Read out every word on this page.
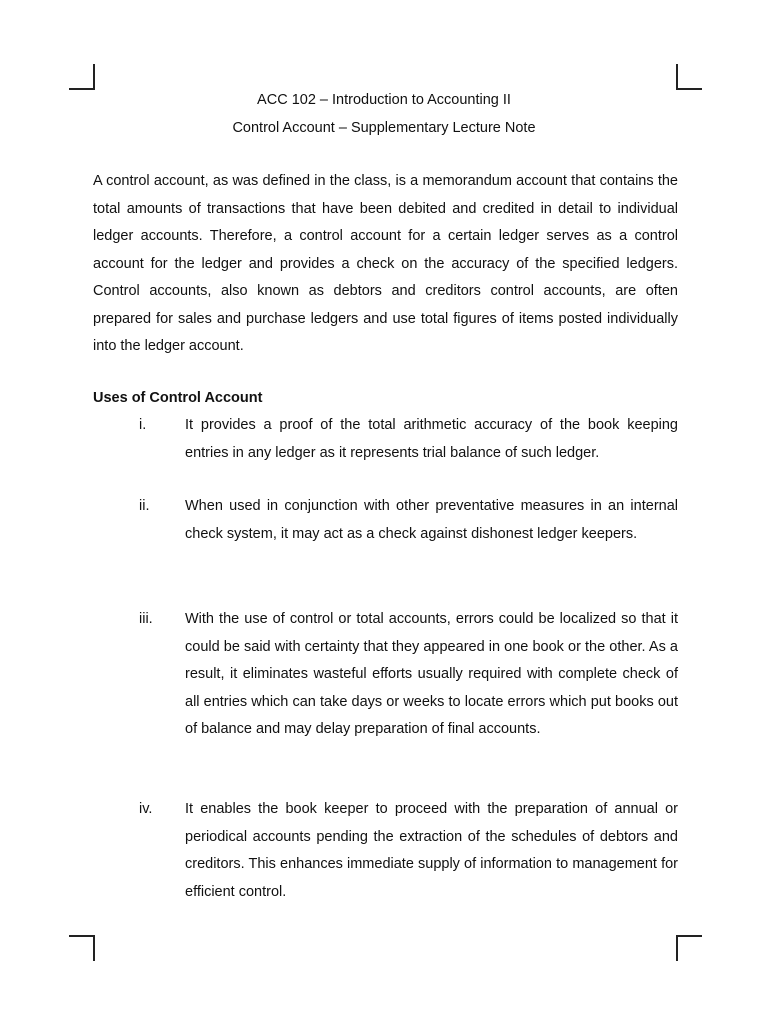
ACC 102 – Introduction to Accounting II
Control Account – Supplementary Lecture Note

A control account, as was defined in the class, is a memorandum account that contains the total amounts of transactions that have been debited and credited in detail to individual ledger accounts. Therefore, a control account for a certain ledger serves as a control account for the ledger and provides a check on the accuracy of the specified ledgers. Control accounts, also known as debtors and creditors control accounts, are often prepared for sales and purchase ledgers and use total figures of items posted individually into the ledger account.

Uses of Control Account
i.	It provides a proof of the total arithmetic accuracy of the book keeping entries in any ledger as it represents trial balance of such ledger.

ii. When used in conjunction with other preventative measures in an internal check system, it may act as a check against dishonest ledger keepers.

iii. With the use of control or total accounts, errors could be localized so that it could be said with certainty that they appeared in one book or the other. As a result, it eliminates wasteful efforts usually required with complete check of all entries which can take days or weeks to locate errors which put books out of balance and may delay preparation of final accounts.

iv. It enables the book keeper to proceed with the preparation of annual or periodical accounts pending the extraction of the schedules of debtors and creditors. This enhances immediate supply of information to management for efficient control.
